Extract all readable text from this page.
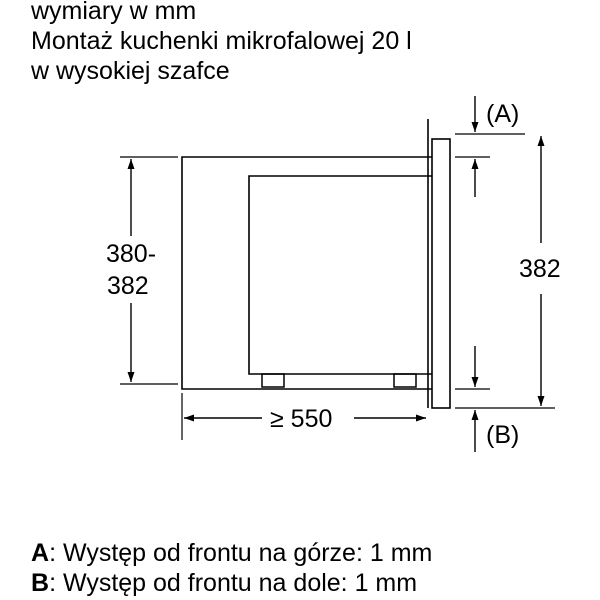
wymiary w mm
Montaż kuchenki mikrofalowej 20 l
w wysokiej szafce
380-
382
≥ 550
382
(A)
(B)
A: Występ od frontu na górze: 1 mm
B: Występ od frontu na dole: 1 mm
